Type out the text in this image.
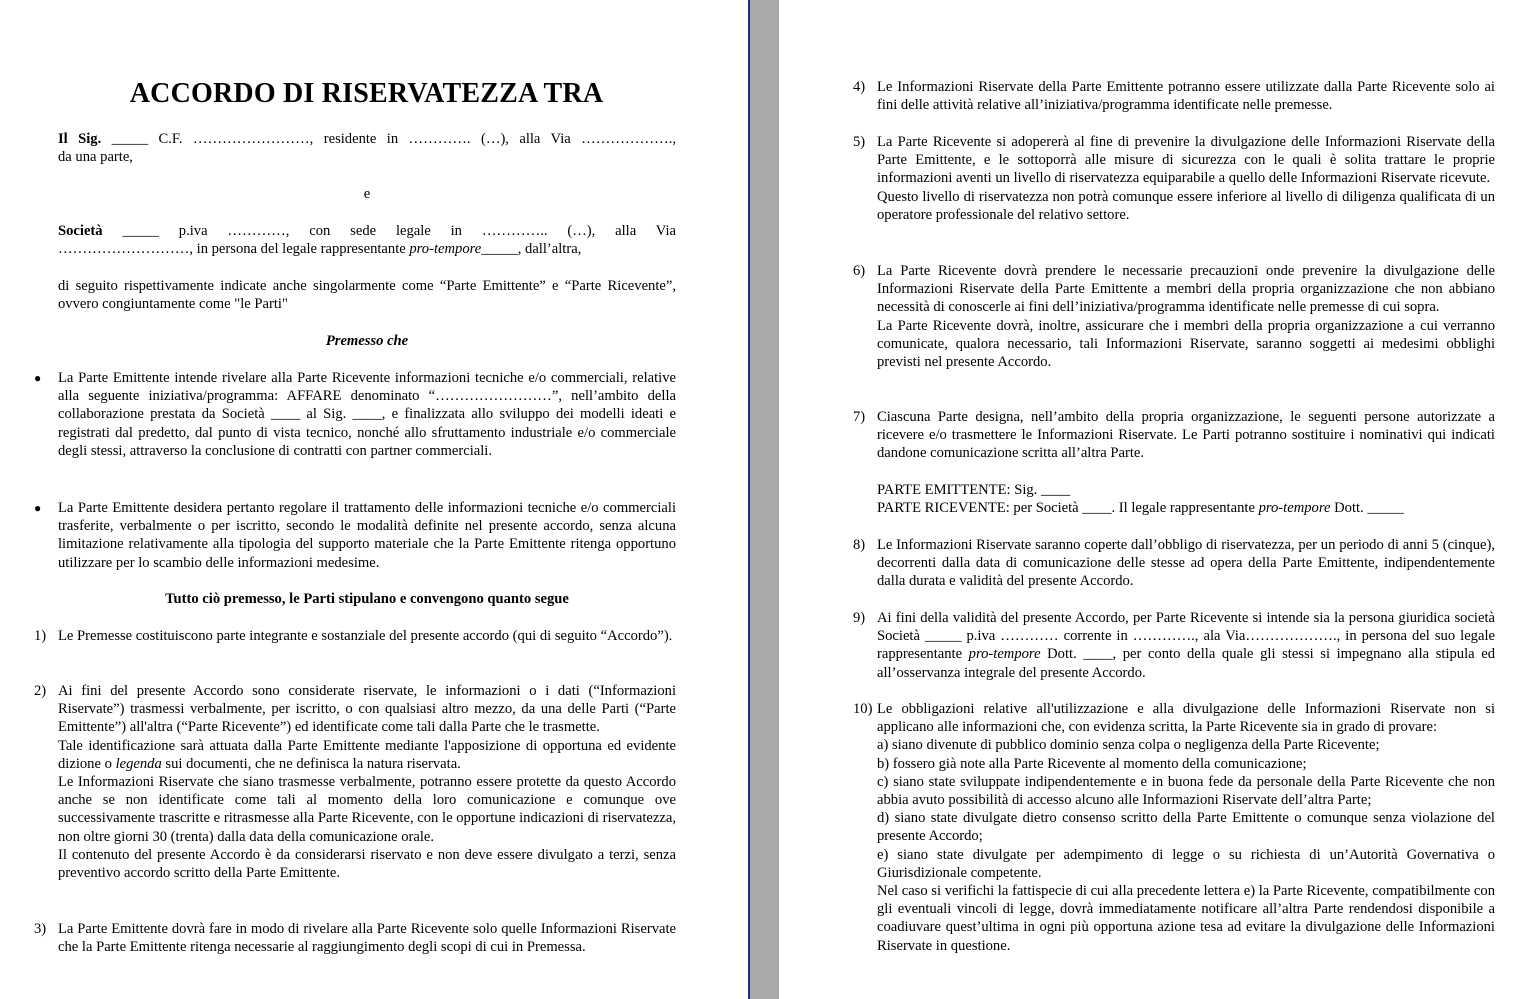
ACCORDO DI RISERVATEZZA TRA
Il Sig. _____ C.F. ……………………, residente in …………. (…), alla Via ……………….,
da una parte,
e
Società _____ p.iva …………, con sede legale in ………….. (…), alla Via
………………………, in persona del legale rappresentante pro-tempore_____, dall’altra,
di seguito rispettivamente indicate anche singolarmente come “Parte Emittente” e “Parte Ricevente”, ovvero congiuntamente come "le Parti"
Premesso che
● La Parte Emittente intende rivelare alla Parte Ricevente informazioni tecniche e/o commerciali, relative alla seguente iniziativa/programma: AFFARE denominato “……………………”, nell’ambito della collaborazione prestata da Società ____ al Sig. ____, e finalizzata allo sviluppo dei modelli ideati e registrati dal predetto, dal punto di vista tecnico, nonché allo sfruttamento industriale e/o commerciale degli stessi, attraverso la conclusione di contratti con partner commerciali.
● La Parte Emittente desidera pertanto regolare il trattamento delle informazioni tecniche e/o commerciali trasferite, verbalmente o per iscritto, secondo le modalità definite nel presente accordo, senza alcuna limitazione relativamente alla tipologia del supporto materiale che la Parte Emittente ritenga opportuno utilizzare per lo scambio delle informazioni medesime.
Tutto ciò premesso, le Parti stipulano e convengono quanto segue
1) Le Premesse costituiscono parte integrante e sostanziale del presente accordo (qui di seguito “Accordo”).
2) Ai fini del presente Accordo sono considerate riservate, le informazioni o i dati (“Informazioni Riservate”) trasmessi verbalmente, per iscritto, o con qualsiasi altro mezzo, da una delle Parti (“Parte Emittente”) all'altra (“Parte Ricevente”) ed identificate come tali dalla Parte che le trasmette.

Tale identificazione sarà attuata dalla Parte Emittente mediante l'apposizione di opportuna ed evidente dizione o legenda sui documenti, che ne definisca la natura riservata.

Le Informazioni Riservate che siano trasmesse verbalmente, potranno essere protette da questo Accordo anche se non identificate come tali al momento della loro comunicazione e comunque ove successivamente trascritte e ritrasmesse alla Parte Ricevente, con le opportune indicazioni di riservatezza, non oltre giorni 30 (trenta) dalla data della comunicazione orale.

Il contenuto del presente Accordo è da considerarsi riservato e non deve essere divulgato a terzi, senza preventivo accordo scritto della Parte Emittente.

3) La Parte Emittente dovrà fare in modo di rivelare alla Parte Ricevente solo quelle Informazioni Riservate che la Parte Emittente ritenga necessarie al raggiungimento degli scopi di cui in Premessa.
4) Le Informazioni Riservate della Parte Emittente potranno essere utilizzate dalla Parte Ricevente solo ai fini delle attività relative all’iniziativa/programma identificate nelle premesse.
5) La Parte Ricevente si adopererà al fine di prevenire la divulgazione delle Informazioni Riservate della Parte Emittente, e le sottoporrà alle misure di sicurezza con le quali è solita trattare le proprie informazioni aventi un livello di riservatezza equiparabile a quello delle Informazioni Riservate ricevute.

Questo livello di riservatezza non potrà comunque essere inferiore al livello di diligenza qualificata di un operatore professionale del relativo settore.

6) La Parte Ricevente dovrà prendere le necessarie precauzioni onde prevenire la divulgazione delle Informazioni Riservate della Parte Emittente a membri della propria organizzazione che non abbiano necessità di conoscerle ai fini dell’iniziativa/programma identificate nelle premesse di cui sopra.

La Parte Ricevente dovrà, inoltre, assicurare che i membri della propria organizzazione a cui verranno comunicate, qualora necessario, tali Informazioni Riservate, saranno soggetti ai medesimi obblighi previsti nel presente Accordo.

7) Ciascuna Parte designa, nell’ambito della propria organizzazione, le seguenti persone autorizzate a ricevere e/o trasmettere le Informazioni Riservate. Le Parti potranno sostituire i nominativi qui indicati dandone comunicazione scritta all’altra Parte.
PARTE EMITTENTE: Sig. ____
PARTE RICEVENTE: per Società ____. Il legale rappresentante pro-tempore Dott. _____
8) Le Informazioni Riservate saranno coperte dall’obbligo di riservatezza, per un periodo di anni 5 (cinque), decorrenti dalla data di comunicazione delle stesse ad opera della Parte Emittente, indipendentemente dalla durata e validità del presente Accordo.
9) Ai fini della validità del presente Accordo, per Parte Ricevente si intende sia la persona giuridica società Società _____ p.iva ………… corrente in …………., ala Via………………., in persona del suo legale rappresentante pro-tempore Dott. ____, per conto della quale gli stessi si impegnano alla stipula ed all’osservanza integrale del presente Accordo.
10) Le obbligazioni relative all'utilizzazione e alla divulgazione delle Informazioni Riservate non si applicano alle informazioni che, con evidenza scritta, la Parte Ricevente sia in grado di provare:

a) siano divenute di pubblico dominio senza colpa o negligenza della Parte Ricevente;

b) fossero già note alla Parte Ricevente al momento della comunicazione;

c) siano state sviluppate indipendentemente e in buona fede da personale della Parte Ricevente che non abbia avuto possibilità di accesso alcuno alle Informazioni Riservate dell’altra Parte;

d) siano state divulgate dietro consenso scritto della Parte Emittente o comunque senza violazione del presente Accordo;

e) siano state divulgate per adempimento di legge o su richiesta di un’Autorità Governativa o Giurisdizionale competente.

Nel caso si verifichi la fattispecie di cui alla precedente lettera e) la Parte Ricevente, compatibilmente con gli eventuali vincoli di legge, dovrà immediatamente notificare all’altra Parte rendendosi disponibile a coadiuvare quest’ultima in ogni più opportuna azione tesa ad evitare la divulgazione delle Informazioni Riservate in questione.
